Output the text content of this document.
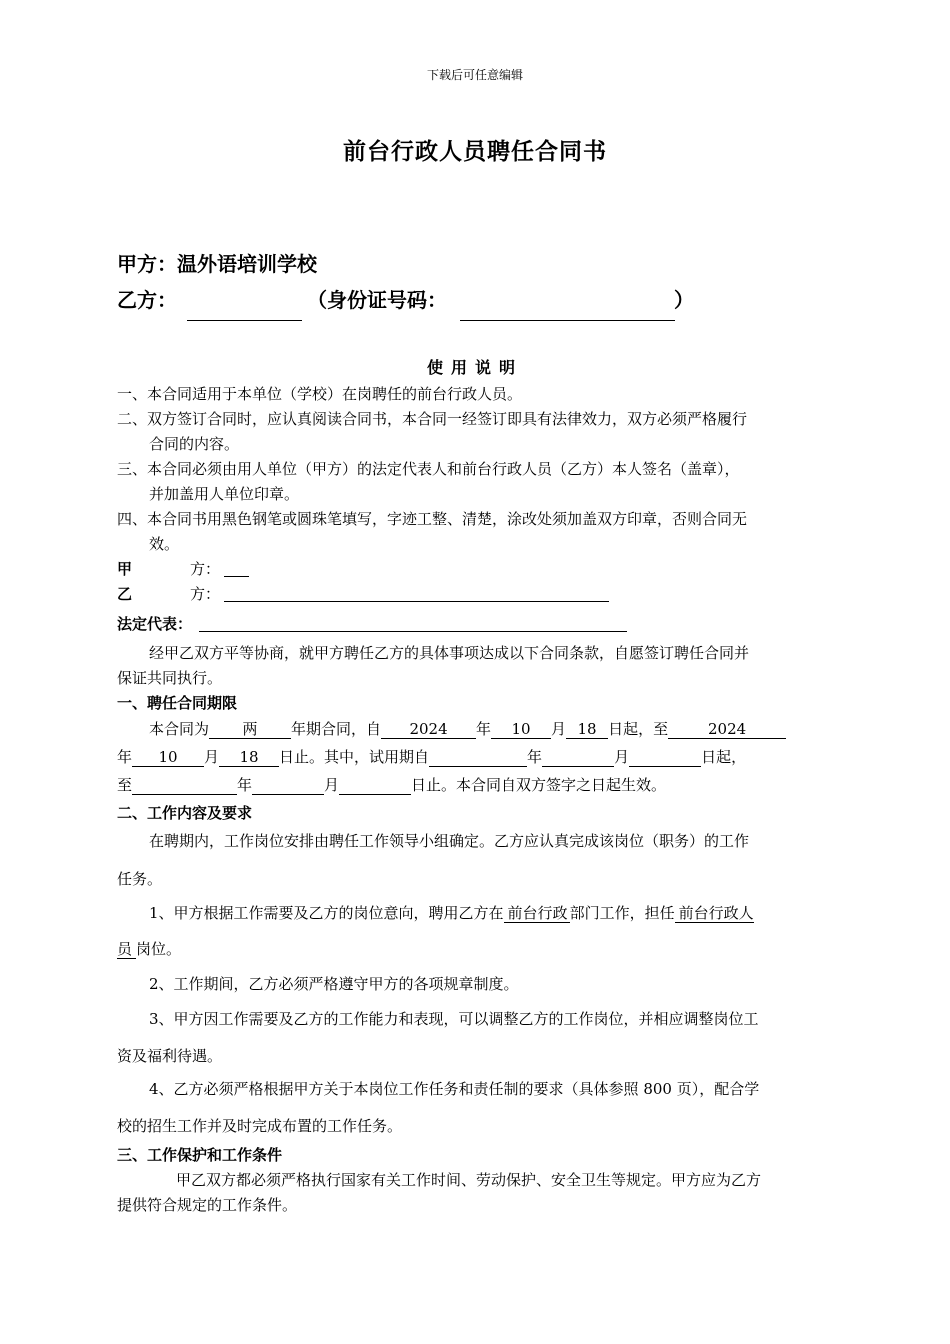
下载后可任意编辑
前台行政人员聘任合同书
甲方：温外语培训学校
乙方：	（身份证号码：	）
使用说明
一、本合同适用于本单位（学校）在岗聘任的前台行政人员。
二、双方签订合同时，应认真阅读合同书，本合同一经签订即具有法律效力，双方必须严格履行
合同的内容。
三、本合同必须由用人单位（甲方）的法定代表人和前台行政人员（乙方）本人签名（盖章），
并加盖用人单位印章。
四、本合同书用黑色钢笔或圆珠笔填写，字迹工整、清楚，涂改处须加盖双方印章，否则合同无
效。
甲	方：
乙	方：
法定代表：
经甲乙双方平等协商，就甲方聘任乙方的具体事项达成以下合同条款，自愿签订聘任合同并
保证共同执行。
一、聘任合同期限
本合同为 两 年期合同，自 2024 年 10 月 18 日起，至	2024
年 10 月 18 日止。其中，试用期自	年	月	日起，
至	年	月	日止。本合同自双方签字之日起生效。
二、工作内容及要求
在聘期内，工作岗位安排由聘任工作领导小组确定。乙方应认真完成该岗位（职务）的工作
任务。
1、甲方根据工作需要及乙方的岗位意向，聘用乙方在 前台行政 部门工作，担任 前台行政人
员 岗位。
2、工作期间，乙方必须严格遵守甲方的各项规章制度。
3、甲方因工作需要及乙方的工作能力和表现，可以调整乙方的工作岗位，并相应调整岗位工
资及福利待遇。
4、乙方必须严格根据甲方关于本岗位工作任务和责任制的要求（具体参照 800 页），配合学
校的招生工作并及时完成布置的工作任务。
三、工作保护和工作条件
甲乙双方都必须严格执行国家有关工作时间、劳动保护、安全卫生等规定。甲方应为乙方
提供符合规定的工作条件。
